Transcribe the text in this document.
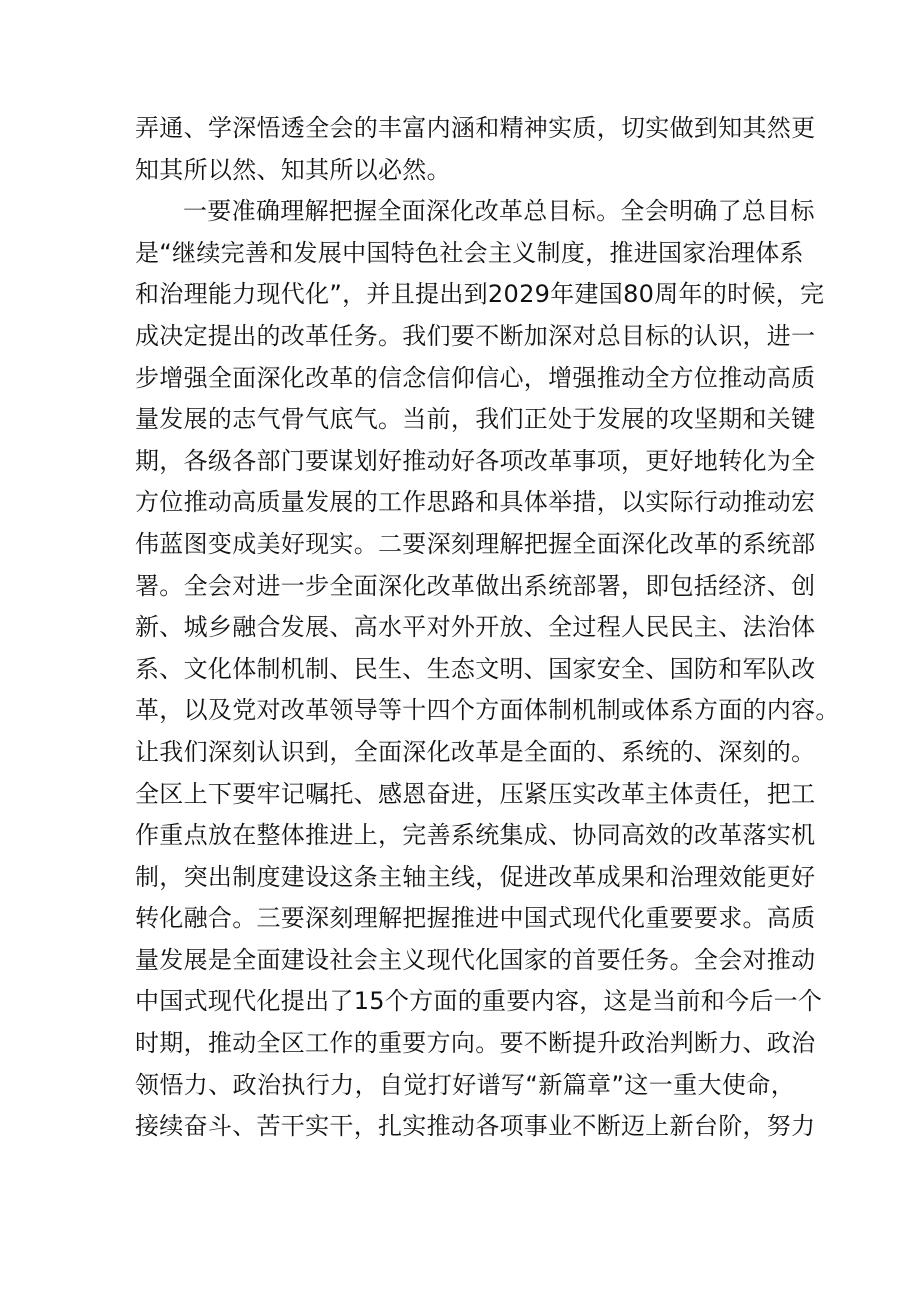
弄通、学深悟透全会的丰富内涵和精神实质，切实做到知其然更
知其所以然、知其所以必然。
一要准确理解把握全面深化改革总目标。全会明确了总目标
是“继续完善和发展中国特色社会主义制度，推进国家治理体系
和治理能力现代化”，并且提出到2029年建国80周年的时候，完
成决定提出的改革任务。我们要不断加深对总目标的认识，进一
步增强全面深化改革的信念信仰信心，增强推动全方位推动高质
量发展的志气骨气底气。当前，我们正处于发展的攻坚期和关键
期，各级各部门要谋划好推动好各项改革事项，更好地转化为全
方位推动高质量发展的工作思路和具体举措，以实际行动推动宏
伟蓝图变成美好现实。二要深刻理解把握全面深化改革的系统部
署。全会对进一步全面深化改革做出系统部署，即包括经济、创
新、城乡融合发展、高水平对外开放、全过程人民民主、法治体
系、文化体制机制、民生、生态文明、国家安全、国防和军队改
革，以及党对改革领导等十四个方面体制机制或体系方面的内容。
让我们深刻认识到，全面深化改革是全面的、系统的、深刻的。
全区上下要牢记嘱托、感恩奋进，压紧压实改革主体责任，把工
作重点放在整体推进上，完善系统集成、协同高效的改革落实机
制，突出制度建设这条主轴主线，促进改革成果和治理效能更好
转化融合。三要深刻理解把握推进中国式现代化重要要求。高质
量发展是全面建设社会主义现代化国家的首要任务。全会对推动
中国式现代化提出了15个方面的重要内容，这是当前和今后一个
时期，推动全区工作的重要方向。要不断提升政治判断力、政治
领悟力、政治执行力，自觉打好谱写“新篇章”这一重大使命，
接续奋斗、苦干实干，扎实推动各项事业不断迈上新台阶，努力
